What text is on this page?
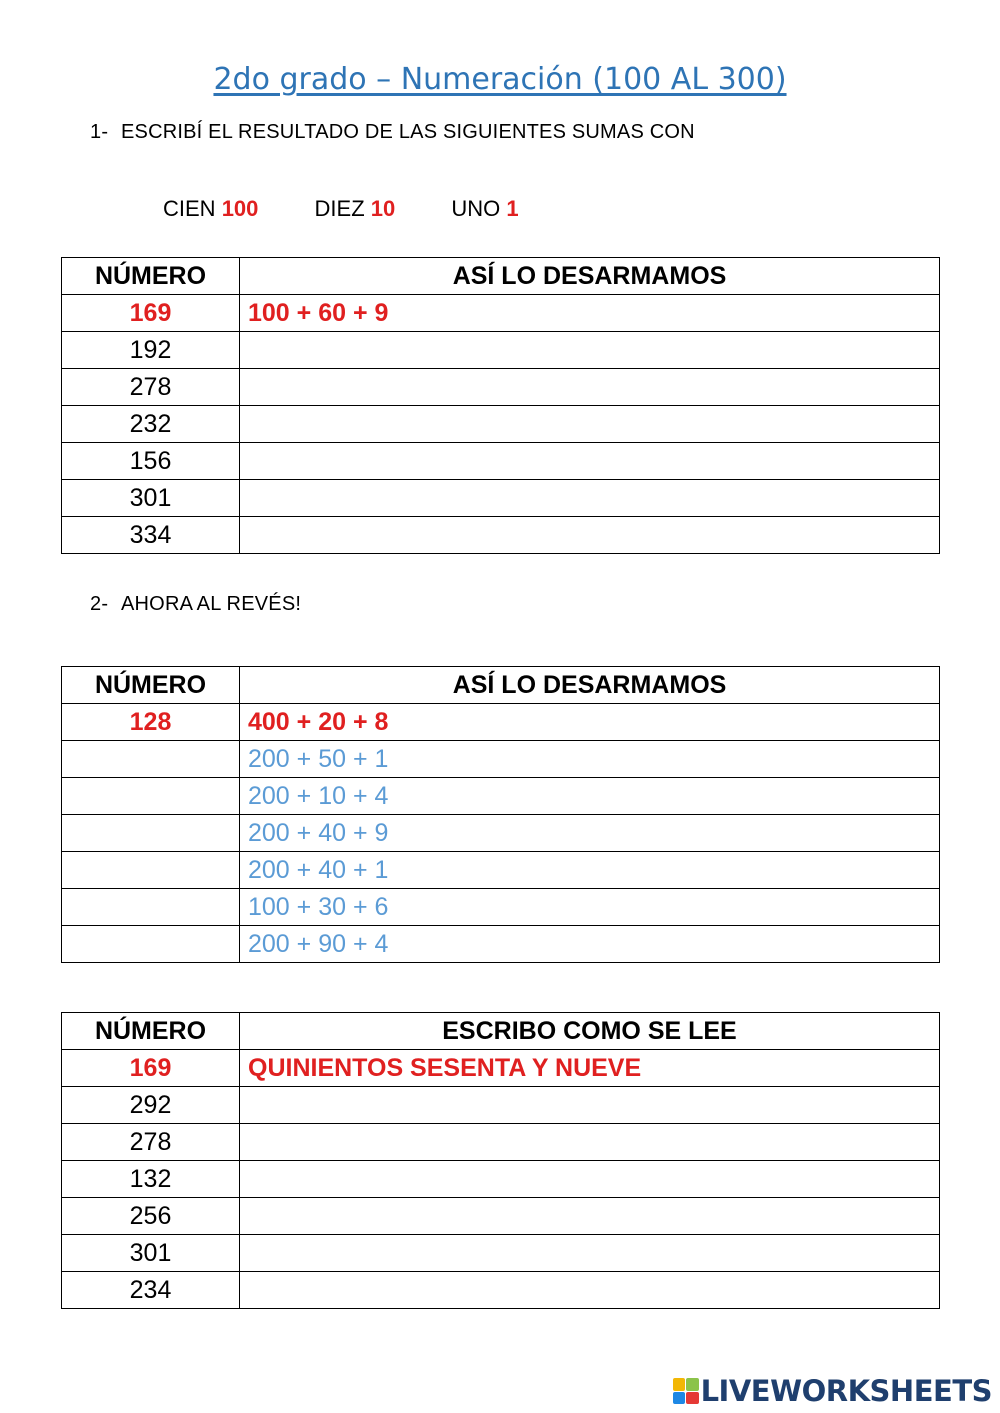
2do grado – Numeración (100 AL 300)
1- ESCRIBÍ EL RESULTADO DE LAS SIGUIENTES SUMAS CON
CIEN 100	DIEZ 10	UNO 1
NÚMERO	ASÍ LO DESARMAMOS
169	100 + 60 + 9
192	
278	
232	
156	
301	
334	
2- AHORA AL REVÉS!
NÚMERO	ASÍ LO DESARMAMOS
128	400 + 20 + 8
	200 + 50 + 1
	200 + 10 + 4
	200 + 40 + 9
	200 + 40 + 1
	100 + 30 + 6
	200 + 90 + 4
NÚMERO	ESCRIBO COMO SE LEE
169	QUINIENTOS SESENTA Y NUEVE
292	
278	
132	
256	
301	
234	
LIVEWORKSHEETS
